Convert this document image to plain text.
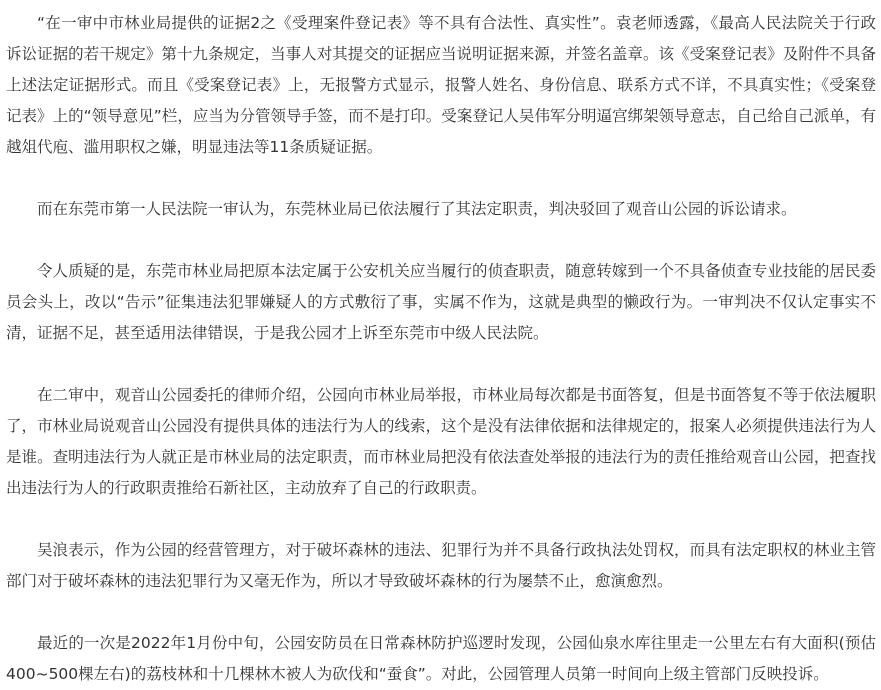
“在一审中市林业局提供的证据2之《受理案件登记表》等不具有合法性、真实性”。袁老师透露，《最高人民法院关于行政诉讼证据的若干规定》第十九条规定，当事人对其提交的证据应当说明证据来源，并签名盖章。该《受案登记表》及附件不具备上述法定证据形式。而且《受案登记表》上，无报警方式显示，报警人姓名、身份信息、联系方式不详，不具真实性；《受案登记表》上的“领导意见”栏，应当为分管领导手签，而不是打印。受案登记人吴伟军分明逼宫绑架领导意志，自己给自己派单，有越俎代庖、滥用职权之嫌，明显违法等11条质疑证据。

而在东莞市第一人民法院一审认为，东莞林业局已依法履行了其法定职责，判决驳回了观音山公园的诉讼请求。

令人质疑的是，东莞市林业局把原本法定属于公安机关应当履行的侦查职责，随意转嫁到一个不具备侦查专业技能的居民委员会头上，改以“告示”征集违法犯罪嫌疑人的方式敷衍了事，实属不作为，这就是典型的懒政行为。一审判决不仅认定事实不清，证据不足，甚至适用法律错误，于是我公园才上诉至东莞市中级人民法院。

在二审中，观音山公园委托的律师介绍，公园向市林业局举报，市林业局每次都是书面答复，但是书面答复不等于依法履职了，市林业局说观音山公园没有提供具体的违法行为人的线索，这个是没有法律依据和法律规定的，报案人必须提供违法行为人是谁。查明违法行为人就正是市林业局的法定职责，而市林业局把没有依法查处举报的违法行为的责任推给观音山公园，把查找出违法行为人的行政职责推给石新社区，主动放弃了自己的行政职责。

吴浪表示，作为公园的经营管理方，对于破坏森林的违法、犯罪行为并不具备行政执法处罚权，而具有法定职权的林业主管部门对于破坏森林的违法犯罪行为又毫无作为，所以才导致破坏森林的行为屡禁不止，愈演愈烈。

最近的一次是2022年1月份中旬，公园安防员在日常森林防护巡逻时发现，公园仙泉水库往里走一公里左右有大面积(预估400~500棵左右)的荔枝林和十几棵林木被人为砍伐和“蚕食”。对此，公园管理人员第一时间向上级主管部门反映投诉。
